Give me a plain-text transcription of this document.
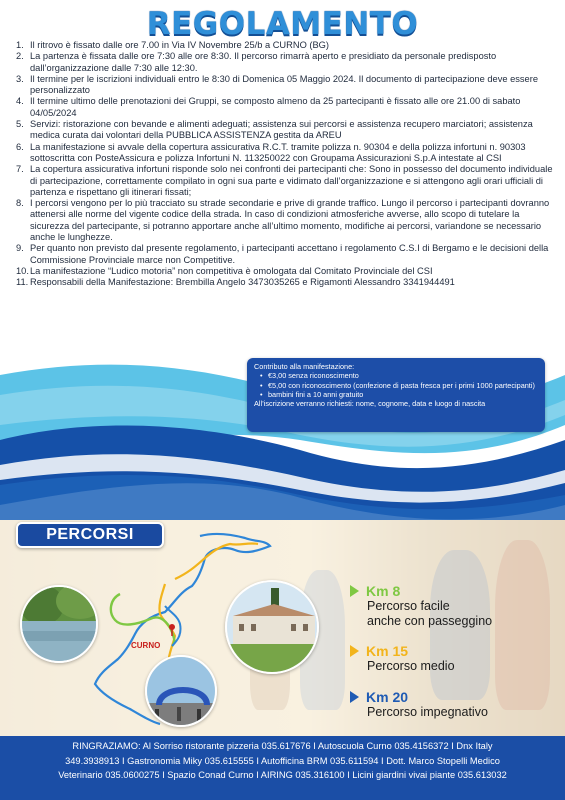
REGOLAMENTO
1. Il ritrovo è fissato dalle ore 7.00 in Via IV Novembre 25/b a CURNO (BG)
2. La partenza è fissata dalle ore 7:30 alle ore 8:30. Il percorso rimarrà aperto e presidiato da personale predisposto dall’organizzazione dalle 7:30 alle 12:30.
3. Il termine per le iscrizioni individuali entro le 8:30 di Domenica 05 Maggio 2024. Il documento di partecipazione deve essere personalizzato
4. Il termine ultimo delle prenotazioni dei Gruppi, se composto almeno da 25 partecipanti è fissato alle ore 21.00 di sabato 04/05/2024
5. Servizi: ristorazione con bevande e alimenti adeguati; assistenza sui percorsi e assistenza recupero marciatori; assistenza medica curata dai volontari della PUBBLICA ASSISTENZA gestita da AREU
6. La manifestazione si avvale della copertura assicurativa R.C.T. tramite polizza n. 90304 e della polizza infortuni n. 90303 sottoscritta con PosteAssicura e polizza Infortuni N. 113250022 con Groupama Assicurazioni S.p.A intestate al CSI
7. La copertura assicurativa infortuni risponde solo nei confronti dei partecipanti che: Sono in possesso del documento individuale di partecipazione, correttamente compilato in ogni sua parte e vidimato dall’organizzazione e si attengono agli orari ufficiali di partenza e rispettano gli itinerari fissati;
8. I percorsi vengono per lo più tracciato su strade secondarie e prive di grande traffico. Lungo il percorso i partecipanti dovranno attenersi alle norme del vigente codice della strada. In caso di condizioni atmosferiche avverse, allo scopo di tutelare la sicurezza del partecipante, si potranno apportare anche all’ultimo momento, modifiche ai percorsi, variandone se necessario anche le lunghezze.
9. Per quanto non previsto dal presente regolamento, i partecipanti accettano i regolamento C.S.I di Bergamo e le decisioni della Commissione Provinciale marce non Competitive.
10. La manifestazione “Ludico motoria” non competitiva è omologata dal Comitato Provinciale del CSI
11. Responsabili della Manifestazione: Brembilla Angelo 3473035265 e Rigamonti Alessandro 3341944491
Contributo alla manifestazione:
• €3,00 senza riconoscimento
• €5,00 con riconoscimento (confezione di pasta fresca per i primi 1000 partecipanti)
• bambini fini a 10 anni gratuito
All’iscrizione verranno richiesti: nome, cognome, data e luogo di nascita
PERCORSI
CURNO
Km 8
Percorso facile
anche con passeggino
Km 15
Percorso medio
Km 20
Percorso impegnativo
RINGRAZIAMO: Al Sorriso ristorante pizzeria 035.617676 I Autoscuola Curno 035.4156372 I Dnx Italy
349.3938913 I Gastronomia Miky 035.615555 I Autofficina BRM 035.611594 I Dott. Marco Stopelli Medico
Veterinario 035.0600275 I Spazio Conad Curno I AIRING 035.316100 I Licini giardini vivai piante 035.613032
